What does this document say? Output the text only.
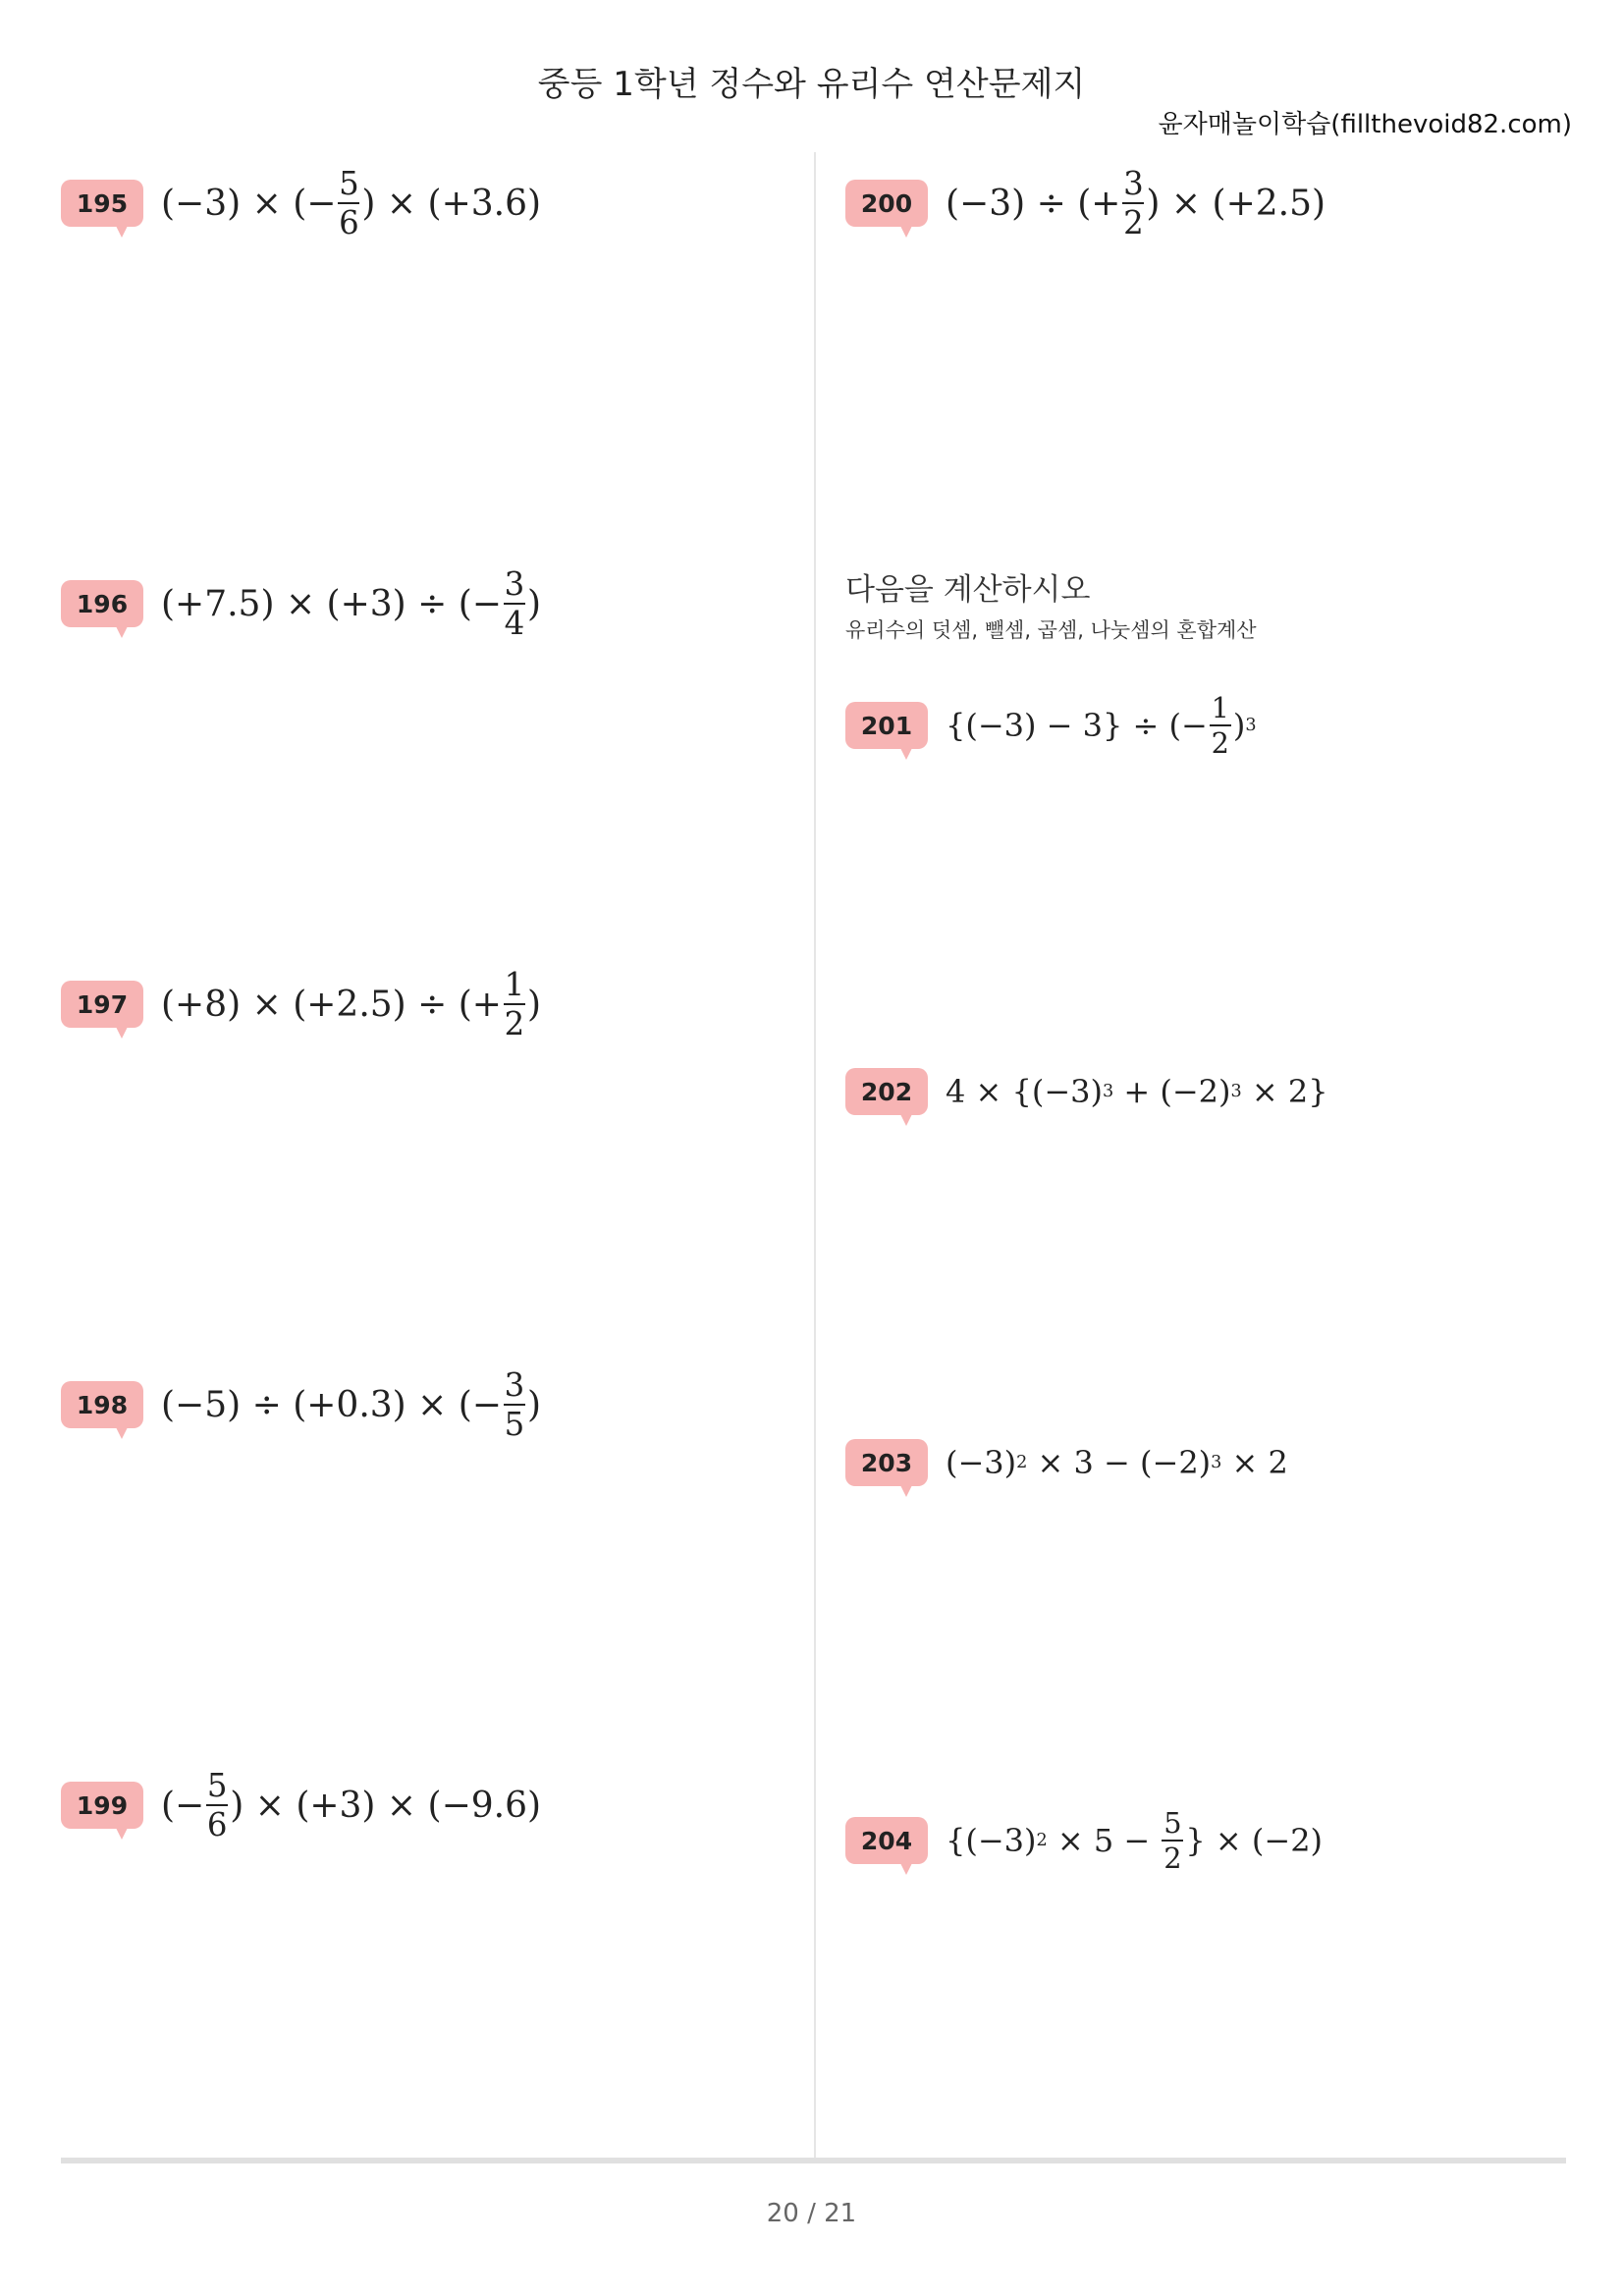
중등 1학년 정수와 유리수 연산문제지
윤자매놀이학습(fillthevoid82.com)
195 (−3) × (− $\frac{5}{6}$ ) × (+3.6)
196 (+7.5) × (+3) ÷ (− $\frac{3}{4}$ )
197 (+8) × (+2.5) ÷ (+ $\frac{1}{2}$ )
198 (−5) ÷ (+0.3) × (− $\frac{3}{5}$ )
199 (− $\frac{5}{6}$ ) × (+3) × (−9.6)
200 (−3) ÷ (+ $\frac{3}{2}$ ) × (+2.5)
다음을 계산하시오
유리수의 덧셈, 뺄셈, 곱셈, 나눗셈의 혼합계산
201	{(−3) − 3} ÷ (− $\frac{1}{2}$ ) 3
202	4 × {(−3) 3 + (−2) 3 × 2}
203	(−3) 2 × 3 − (−2) 3 × 2
204	{(−3) $2 \times 5 - \frac{5}{2}$ } × (−2)
20 / 21
